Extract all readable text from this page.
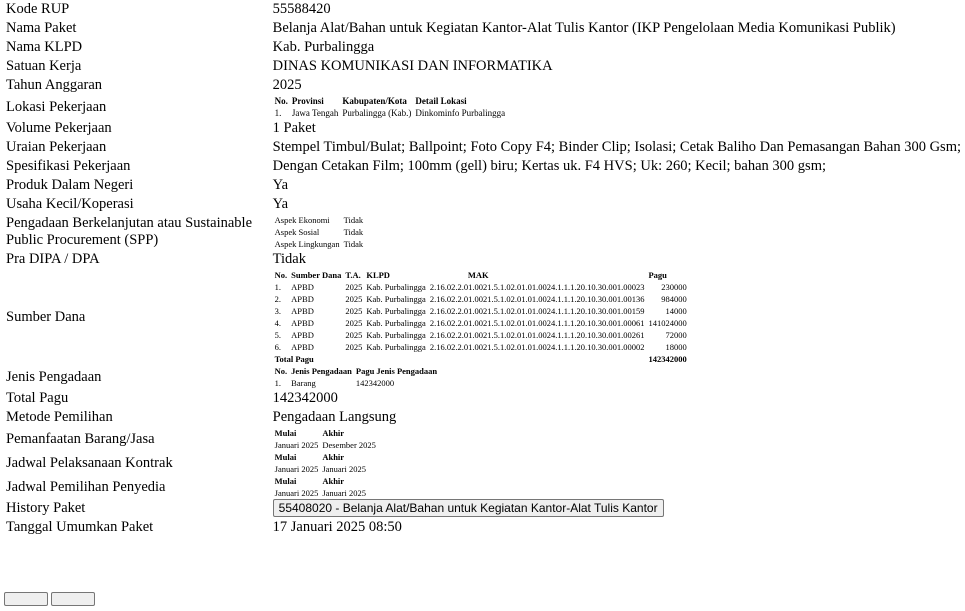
Kode RUP	55588420
Nama Paket	Belanja Alat/Bahan untuk Kegiatan Kantor-Alat Tulis Kantor (IKP Pengelolaan Media Komunikasi Publik)
Nama KLPD	Kab. Purbalingga
Satuan Kerja	DINAS KOMUNIKASI DAN INFORMATIKA
Tahun Anggaran	2025
Lokasi Pekerjaan		No.	Provinsi	Kabupaten/Kota	Detail Lokasi
1.	Jawa Tengah	Purbalingga (Kab.)	Dinkominfo Purbalingga

Volume Pekerjaan	1 Paket
Uraian Pekerjaan	Stempel Timbul/Bulat; Ballpoint; Foto Copy F4; Binder Clip; Isolasi; Cetak Baliho Dan Pemasangan Bahan 300 Gsm;
Spesifikasi Pekerjaan	Dengan Cetakan Film; 100mm (gell) biru; Kertas uk. F4 HVS; Uk: 260; Kecil; bahan 300 gsm;
Produk Dalam Negeri	Ya
Usaha Kecil/Koperasi	Ya
Pengadaan Berkelanjutan atau Sustainable Public Procurement (SPP)	
Aspek Ekonomi	Tidak
Aspek Sosial	Tidak
Aspek Lingkungan	Tidak

Pra DIPA / DPA	Tidak
Sumber Dana	
No.	Sumber Dana	T.A.	KLPD	MAK	Pagu
1.	APBD	2025	Kab. Purbalingga	2.16.02.2.01.0021.5.1.02.01.01.0024.1.1.1.20.10.30.001.00023	230000
2.	APBD	2025	Kab. Purbalingga	2.16.02.2.01.0021.5.1.02.01.01.0024.1.1.1.20.10.30.001.00136	984000
3.	APBD	2025	Kab. Purbalingga	2.16.02.2.01.0021.5.1.02.01.01.0024.1.1.1.20.10.30.001.00159	14000
4.	APBD	2025	Kab. Purbalingga	2.16.02.2.01.0021.5.1.02.01.01.0024.1.1.1.20.10.30.001.00061	141024000
5.	APBD	2025	Kab. Purbalingga	2.16.02.2.01.0021.5.1.02.01.01.0024.1.1.1.20.10.30.001.00261	72000
6.	APBD	2025	Kab. Purbalingga	2.16.02.2.01.0021.5.1.02.01.01.0024.1.1.1.20.10.30.001.00002	18000
Total Pagu	142342000

Jenis Pengadaan		No.	Jenis Pengadaan	Pagu Jenis Pengadaan
1.	Barang	142342000

Total Pagu	142342000
Metode Pemilihan	Pengadaan Langsung
Pemanfaatan Barang/Jasa		Mulai	Akhir
Januari 2025	Desember 2025

Jadwal Pelaksanaan Kontrak		Mulai	Akhir
Januari 2025	Januari 2025

Jadwal Pemilihan Penyedia		Mulai	Akhir
Januari 2025	Januari 2025

History Paket	55408020 - Belanja Alat/Bahan untuk Kegiatan Kantor-Alat Tulis Kantor
Tanggal Umumkan Paket	17 Januari 2025 08:50
